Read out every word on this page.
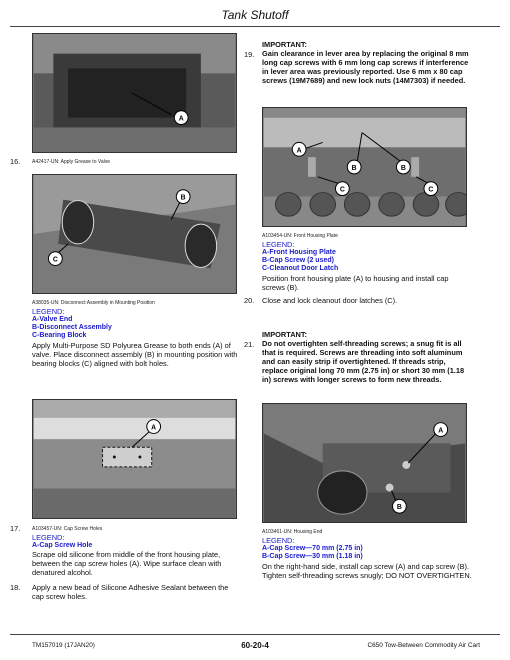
Tank Shutoff
A
16.	A42417-UN: Apply Grease to Valve
B
C
A38035-UN: Disconnect Assembly in Mounting Position
LEGEND:
A-Valve End
B-Disconnect Assembly
C-Bearing Block
Apply Multi-Purpose SD Polyurea Grease to both ends (A) of valve. Place disconnect assembly (B) in mounting position with bearing blocks (C) aligned with bolt holes.
A
17.	A103457-UN: Cap Screw Holes
LEGEND:
A-Cap Screw Hole
Scrape old silicone from middle of the front housing plate, between the cap screw holes (A). Wipe surface clean with denatured alcohol.
18.	Apply a new bead of Silicone Adhesive Sealant between the cap screw holes.
19.
IMPORTANT:
Gain clearance in lever area by replacing the original 8 mm long cap screws with 6 mm long cap screws if interference in lever area was previously reported. Use 6 mm x 80 cap screws (19M7689) and new lock nuts (14M7303) if needed.
A
B	B
C	C
A103454-UN: Front Housing Plate
LEGEND:
A-Front Housing Plate
B-Cap Screw (2 used)
C-Cleanout Door Latch
Position front housing plate (A) to housing and install cap screws (B).
20.	Close and lock cleanout door latches (C).
21.
IMPORTANT:
Do not overtighten self-threading screws; a snug fit is all that is required. Screws are threading into soft aluminum and can easily strip if overtightened. If threads strip, replace original long 70 mm (2.75 in) or short 30 mm (1.18 in) screws with longer screws to form new threads.
A
B
A103461-UN: Housing End
LEGEND:
A-Cap Screw—70 mm (2.75 in)
B-Cap Screw—30 mm (1.18 in)
On the right-hand side, install cap screw (A) and cap screw (B). Tighten self-threading screws snugly; DO NOT OVERTIGHTEN.
TM157019 (17JAN20)	60-20-4	C650 Tow-Between Commodity Air Cart
